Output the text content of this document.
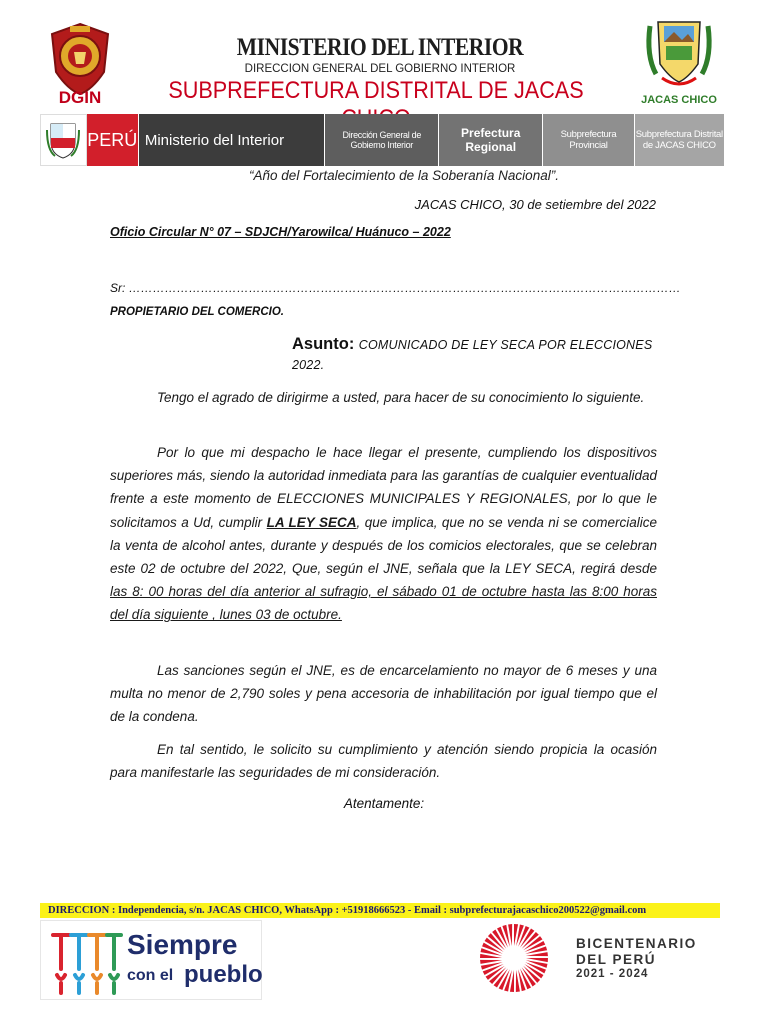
DGIN
MINISTERIO DEL INTERIOR
DIRECCION GENERAL DEL GOBIERNO INTERIOR
SUBPREFECTURA DISTRITAL DE JACAS	JACAS CHICO
PERÚ Ministerio del Interior	Dirección General de Gobierno Interior
Prefectura Regional
Subprefectura Provincial
Subprefectura Distrital de JACAS CHICO
“Año del Fortalecimiento de la Soberanía Nacional”.
JACAS CHICO, 30 de setiembre del 2022
Oficio Circular N° 07 – SDJCH/Yarowilca/ Huánuco – 2022
Sr: …………………………………………………………………………………………………………………………
PROPIETARIO DEL COMERCIO.
Asunto: COMUNICADO DE LEY SECA POR ELECCIONES 2022.

Tengo el agrado de dirigirme a usted, para hacer de su conocimiento lo siguiente.

Por lo que mi despacho le hace llegar el presente, cumpliendo los dispositivos superiores más, siendo la autoridad inmediata para las garantías de cualquier eventualidad frente a este momento de ELECCIONES MUNICIPALES Y REGIONALES, por lo que le solicitamos a Ud, cumplir LA LEY SECA, que implica, que no se venda ni se comercialice la venta de alcohol antes, durante y después de los comicios electorales, que se celebran este 02 de octubre del 2022, Que, según el JNE, señala que la LEY SECA, regirá desde las 8: 00 horas del día anterior al sufragio, el sábado 01 de octubre hasta las 8:00 horas del día siguiente , lunes 03 de octubre.

Las sanciones según el JNE, es de encarcelamiento no mayor de 6 meses y una multa no menor de 2,790 soles y pena accesoria de inhabilitación por igual tiempo que el de la condena.

En tal sentido, le solicito su cumplimiento y atención siendo propicia la ocasión para manifestarle las seguridades de mi consideración.

Atentamente:
DIRECCION : Independencia, s/n. JACAS CHICO, WhatsApp : +51918666523 - Email : subprefecturajacaschico200522@gmail.com
Siempre
con el pueblo
BICENTENARIO
DEL PERÚ
2021 - 2024
